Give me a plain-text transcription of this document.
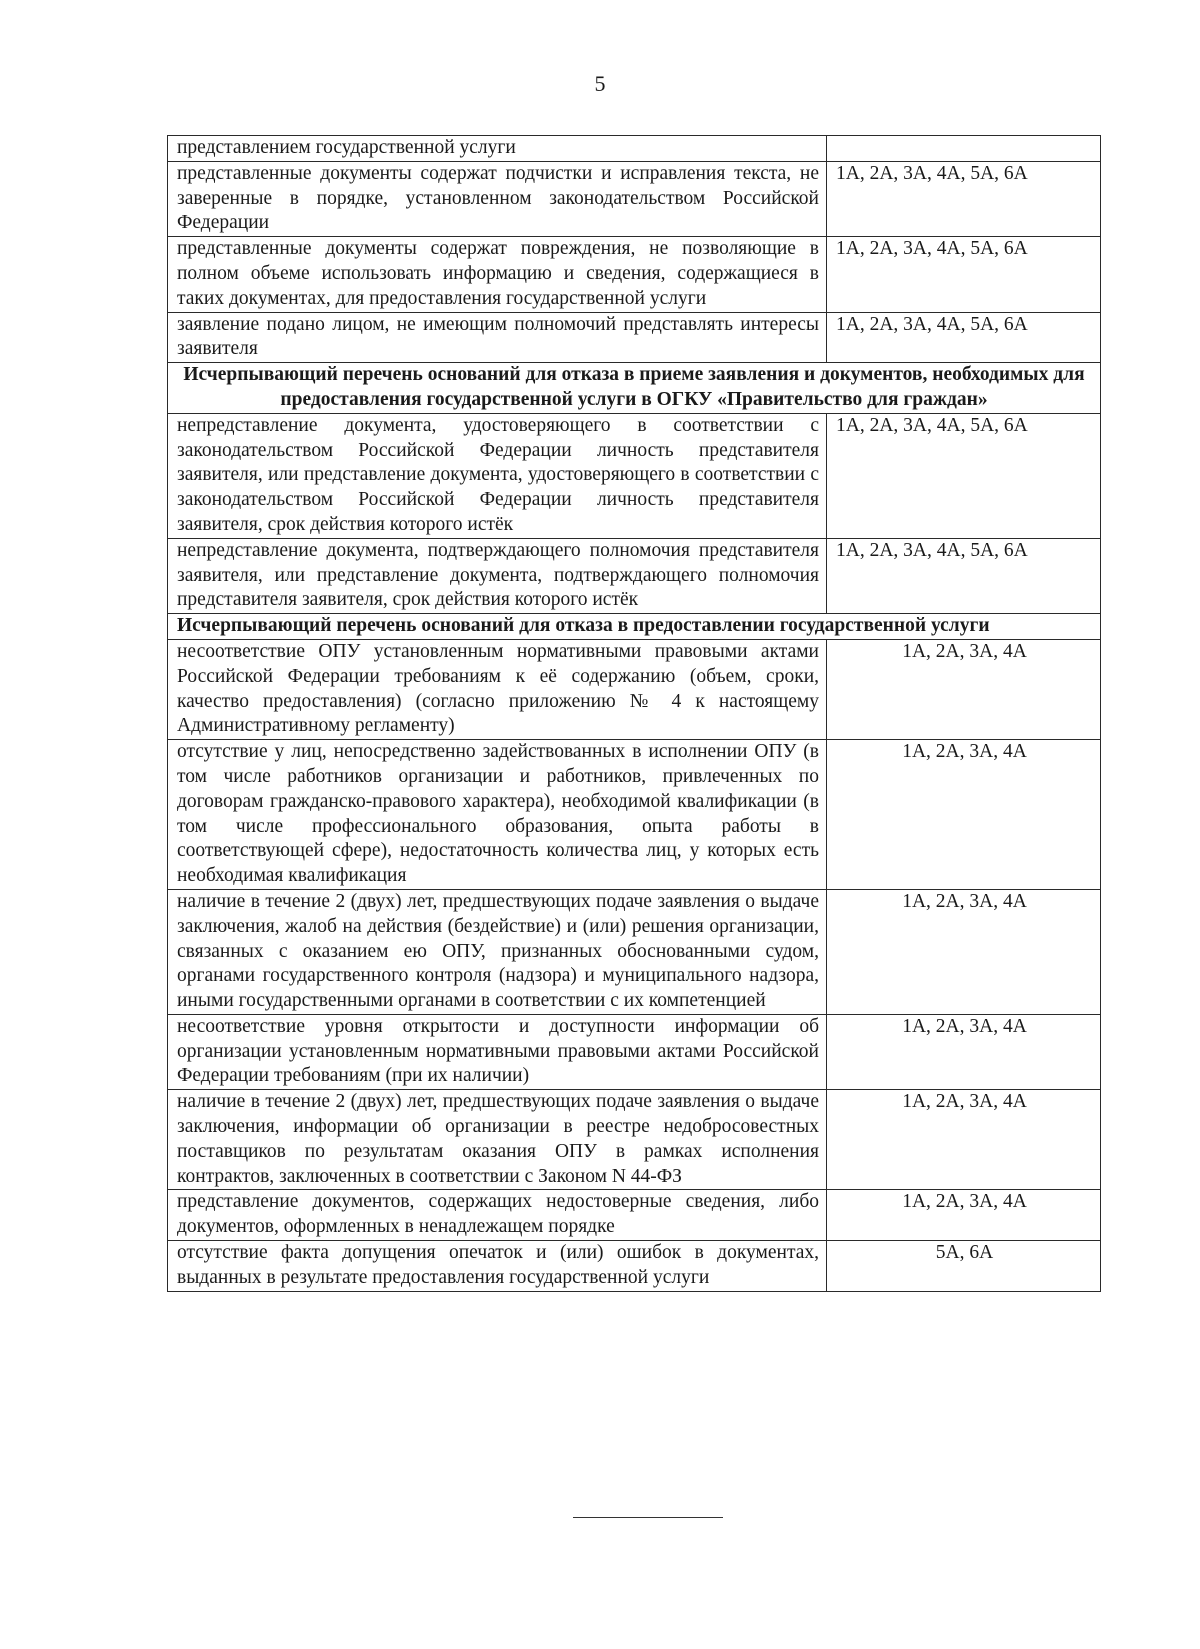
5
представлением государственной услуги	
представленные документы содержат подчистки и исправления текста, не заверенные в порядке, установленном законодательством Российской Федерации	1А, 2А, 3А, 4А, 5А, 6А
представленные документы содержат повреждения, не позволяющие в полном объеме использовать информацию и сведения, содержащиеся в таких документах, для предоставления государственной услуги	1А, 2А, 3А, 4А, 5А, 6А
заявление подано лицом, не имеющим полномочий представлять интересы заявителя	1А, 2А, 3А, 4А, 5А, 6А
Исчерпывающий перечень оснований для отказа в приеме заявления и документов, необходимых для предоставления государственной услуги в ОГКУ «Правительство для граждан»	
непредставление документа, удостоверяющего в соответствии с законодательством Российской Федерации личность представителя заявителя, или представление документа, удостоверяющего в соответствии с законодательством Российской Федерации личность представителя заявителя, срок действия которого истёк	1А, 2А, 3А, 4А, 5А, 6А
непредставление документа, подтверждающего полномочия представителя заявителя, или представление документа, подтверждающего полномочия представителя заявителя, срок действия которого истёк	1А, 2А, 3А, 4А, 5А, 6А
Исчерпывающий перечень оснований для отказа в предоставлении государственной услуги	
несоответствие ОПУ установленным нормативными правовыми актами Российской Федерации требованиям к её содержанию (объем, сроки, качество предоставления) (согласно приложению № 4 к настоящему Административному регламенту)	1А, 2А, 3А, 4А
отсутствие у лиц, непосредственно задействованных в исполнении ОПУ (в том числе работников организации и работников, привлеченных по договорам гражданско-правового характера), необходимой квалификации (в том числе профессионального образования, опыта работы в соответствующей сфере), недостаточность количества лиц, у которых есть необходимая квалификация	1А, 2А, 3А, 4А
наличие в течение 2 (двух) лет, предшествующих подаче заявления о выдаче заключения, жалоб на действия (бездействие) и (или) решения организации, связанных с оказанием ею ОПУ, признанных обоснованными судом, органами государственного контроля (надзора) и муниципального надзора, иными государственными органами в соответствии с их компетенцией	1А, 2А, 3А, 4А
несоответствие уровня открытости и доступности информации об организации установленным нормативными правовыми актами Российской Федерации требованиям (при их наличии)	1А, 2А, 3А, 4А
наличие в течение 2 (двух) лет, предшествующих подаче заявления о выдаче заключения, информации об организации в реестре недобросовестных поставщиков по результатам оказания ОПУ в рамках исполнения контрактов, заключенных в соответствии с Законом N 44-ФЗ	1А, 2А, 3А, 4А
представление документов, содержащих недостоверные сведения, либо документов, оформленных в ненадлежащем порядке	1А, 2А, 3А, 4А
отсутствие факта допущения опечаток и (или) ошибок в документах, выданных в результате предоставления государственной услуги	5А, 6А
